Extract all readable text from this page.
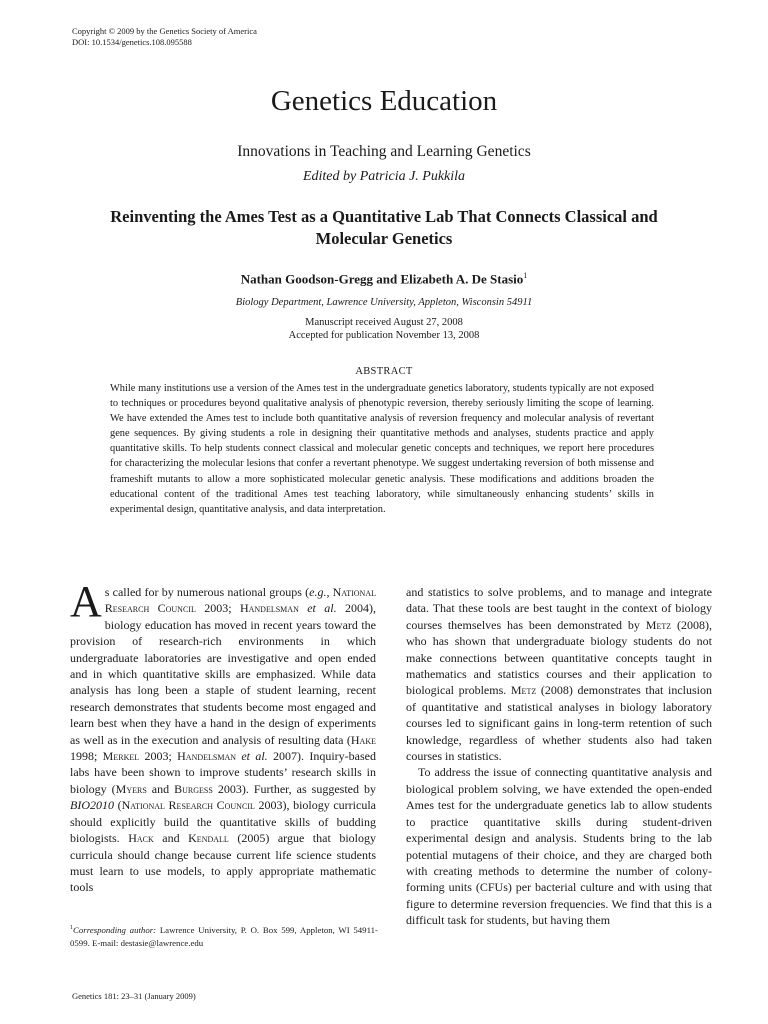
Copyright © 2009 by the Genetics Society of America
DOI: 10.1534/genetics.108.095588
Genetics Education
Innovations in Teaching and Learning Genetics
Edited by Patricia J. Pukkila
Reinventing the Ames Test as a Quantitative Lab That Connects Classical and Molecular Genetics
Nathan Goodson-Gregg and Elizabeth A. De Stasio$^1$
Biology Department, Lawrence University, Appleton, Wisconsin 54911
Manuscript received August 27, 2008
Accepted for publication November 13, 2008
ABSTRACT
While many institutions use a version of the Ames test in the undergraduate genetics laboratory, students typically are not exposed to techniques or procedures beyond qualitative analysis of phenotypic reversion, thereby seriously limiting the scope of learning. We have extended the Ames test to include both quantitative analysis of reversion frequency and molecular analysis of revertant gene sequences. By giving students a role in designing their quantitative methods and analyses, students practice and apply quantitative skills. To help students connect classical and molecular genetic concepts and techniques, we report here procedures for characterizing the molecular lesions that confer a revertant phenotype. We suggest undertaking reversion of both missense and frameshift mutants to allow a more sophisticated molecular genetic analysis. These modifications and additions broaden the educational content of the traditional Ames test teaching laboratory, while simultaneously enhancing students’ skills in experimental design, quantitative analysis, and data interpretation.

As called for by numerous national groups (e.g., National Research Council 2003; Handelsman et al. 2004), biology education has moved in recent years toward the provision of research-rich environments in which undergraduate laboratories are investigative and open ended and in which quantitative skills are emphasized. While data analysis has long been a staple of student learning, recent research demonstrates that students become most engaged and learn best when they have a hand in the design of experiments as well as in the execution and analysis of resulting data (Hake 1998; Merkel 2003; Handelsman et al. 2007). Inquiry-based labs have been shown to improve students’ research skills in biology (Myers and Burgess 2003). Further, as suggested by BIO2010 (National Research Council 2003), biology curricula should explicitly build the quantitative skills of budding biologists. Hack and Kendall (2005) argue that biology curricula should change because current life science students must learn to use models, to apply appropriate mathematic tools

and statistics to solve problems, and to manage and integrate data. That these tools are best taught in the context of biology courses themselves has been demonstrated by Metz (2008), who has shown that undergraduate biology students do not make connections between quantitative concepts taught in mathematics and statistics courses and their application to biological problems. Metz (2008) demonstrates that inclusion of quantitative and statistical analyses in biology laboratory courses led to significant gains in long-term retention of such knowledge, regardless of whether students also had taken courses in statistics.

To address the issue of connecting quantitative analysis and biological problem solving, we have extended the open-ended Ames test for the undergraduate genetics lab to allow students to practice quantitative skills during student-driven experimental design and analysis. Students bring to the lab potential mutagens of their choice, and they are charged both with creating methods to determine the number of colony-forming units (CFUs) per bacterial culture and with using that figure to determine reversion frequencies. We find that this is a difficult task for students, but having them

$^1$Corresponding author: Lawrence University, P. O. Box 599, Appleton, WI 54911-0599. E-mail: destasie@lawrence.edu
Genetics 181: 23–31 (January 2009)
